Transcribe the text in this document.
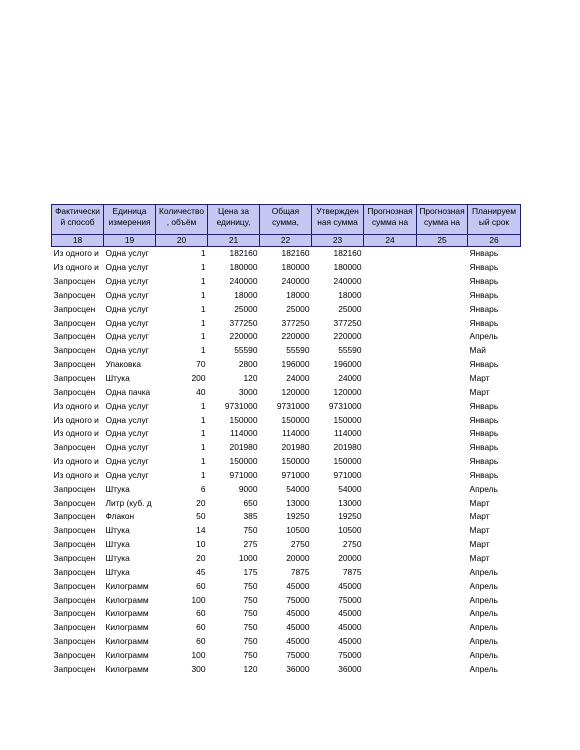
Фактически й способ	Единица измерения	Количество , объём	Цена за единицу,	Общая сумма,	Утвержден ная сумма	Прогнозная сумма на	Прогнозная сумма на	Планируем ый срок
18	19	20	21	22	23	24	25	26
Из одного и	Одна услуг	1	182160	182160	182160			Январь
Из одного и	Одна услуг	1	180000	180000	180000			Январь
Запросцен	Одна услуг	1	240000	240000	240000			Январь
Запросцен	Одна услуг	1	18000	18000	18000			Январь
Запросцен	Одна услуг	1	25000	25000	25000			Январь
Запросцен	Одна услуг	1	377250	377250	377250			Январь
Запросцен	Одна услуг	1	220000	220000	220000			Апрель
Запросцен	Одна услуг	1	55590	55590	55590			Май
Запросцен	Упаковка	70	2800	196000	196000			Январь
Запросцен	Штука	200	120	24000	24000			Март
Запросцен	Одна пачка	40	3000	120000	120000			Март
Из одного и	Одна услуг	1	9731000	9731000	9731000			Январь
Из одного и	Одна услуг	1	150000	150000	150000			Январь
Из одного и	Одна услуг	1	114000	114000	114000			Январь
Запросцен	Одна услуг	1	201980	201980	201980			Январь
Из одного и	Одна услуг	1	150000	150000	150000			Январь
Из одного и	Одна услуг	1	971000	971000	971000			Январь
Запросцен	Штука	6	9000	54000	54000			Апрель
Запросцен	Литр (куб. д	20	650	13000	13000			Март
Запросцен	Флакон	50	385	19250	19250			Март
Запросцен	Штука	14	750	10500	10500			Март
Запросцен	Штука	10	275	2750	2750			Март
Запросцен	Штука	20	1000	20000	20000			Март
Запросцен	Штука	45	175	7875	7875			Апрель
Запросцен	Килограмм	60	750	45000	45000			Апрель
Запросцен	Килограмм	100	750	75000	75000			Апрель
Запросцен	Килограмм	60	750	45000	45000			Апрель
Запросцен	Килограмм	60	750	45000	45000			Апрель
Запросцен	Килограмм	60	750	45000	45000			Апрель
Запросцен	Килограмм	100	750	75000	75000			Апрель
Запросцен	Килограмм	300	120	36000	36000			Апрель
